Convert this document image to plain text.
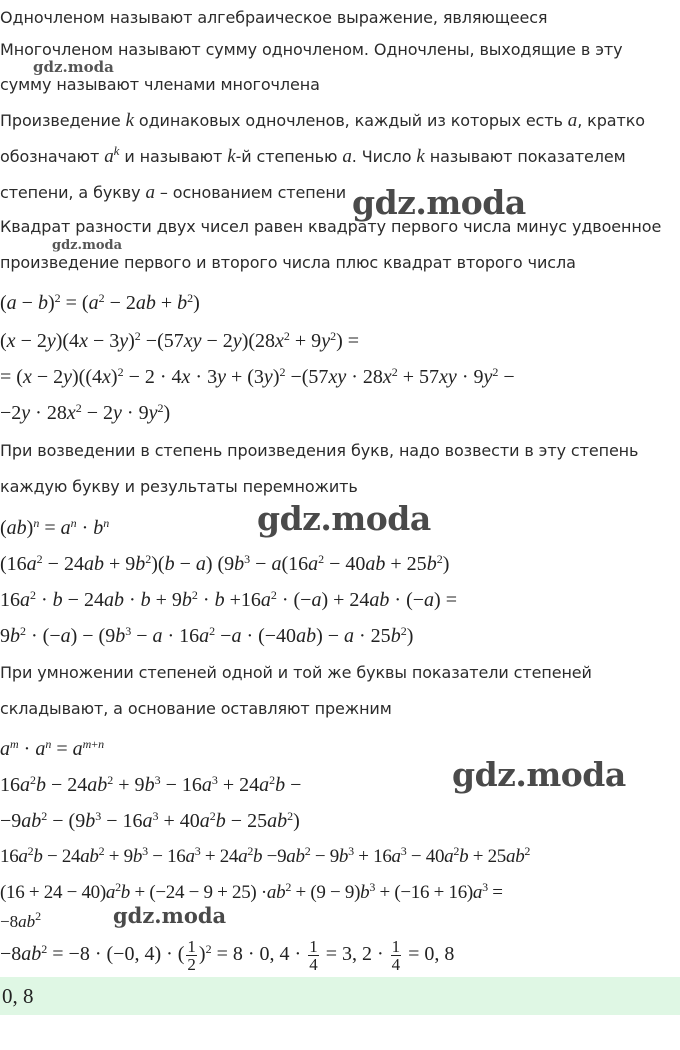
Одночленом называют алгебраическое выражение, являющееся
Многочленом называют сумму одночленом. Одночлены, выходящие в эту
сумму называют членами многочлена
Произведение k одинаковых одночленов, каждый из которых есть a, кратко
обозначают $a^k$ и называют k-й степенью a. Число k называют показателем
степени, а букву a – основанием степени
Квадрат разности двух чисел равен квадрату первого числа минус удвоенное
произведение первого и второго числа плюс квадрат второго числа
$(a - b)^2 = (a^2 - 2ab + b^2)$
$(x - 2y)(4x - 3y)^2 -(57xy - 2y)(28x^2 + 9y^2)$ =
= $(x - 2y)((4x)^2 - 2 \cdot 4x \cdot 3y + (3y)^2 -(57xy \cdot 28x^2 + 57xy \cdot 9y^2$ −
$-2y \cdot 28x^2 - 2y \cdot 9y^2$)
При возведении в степень произведения букв, надо возвести в эту степень
каждую букву и результаты перемножить
$(ab)^n = a^n \cdot b^n$
$(16a^2 - 24ab + 9b^2)(b - a) (9b^3 - a(16a^2 - 40ab + 25b^2)$
$16a^2 \cdot b - 24ab \cdot b + 9b^2 \cdot b +16a^2 \cdot (-a) + 24ab \cdot (-a)$ =
$9b^2 \cdot (-a) - (9b^3 - a \cdot 16a^2 -a \cdot (-40ab) - a \cdot 25b^2)$
При умножении степеней одной и той же буквы показатели степеней
складывают, а основание оставляют прежним
$a^m \cdot a^n = a^{m+n}$
$16a^2b - 24ab^2 + 9b^3 - 16a^3 + 24a^2b$ −
$-9ab^2 - (9b^3 - 16a^3 + 40a^2b - 25ab^2)$
$16a^2b - 24ab^2 + 9b^3 - 16a^3 + 24a^2b -9ab^2 - 9b^3 + 16a^3 - 40a^2b + 25ab^2$
$(16 + 24 - 40)a^2b + (-24 - 9 + 25) \cdot ab^2 + (9 - 9)b^3 + (-16 + 16)a^3$ =
$-8ab^2$
$-8ab^2 = -8 \cdot (-0$, 4) · ( $\frac{1}{2} )^2 = 8 \cdot 0$, $4 \cdot \frac{1}{4} = 3$, $2 \cdot \frac{1}{4} = 0$, 8
0, 8
gdz.moda
gdz.moda
gdz.moda
gdz.moda
gdz.moda
gdz.moda
